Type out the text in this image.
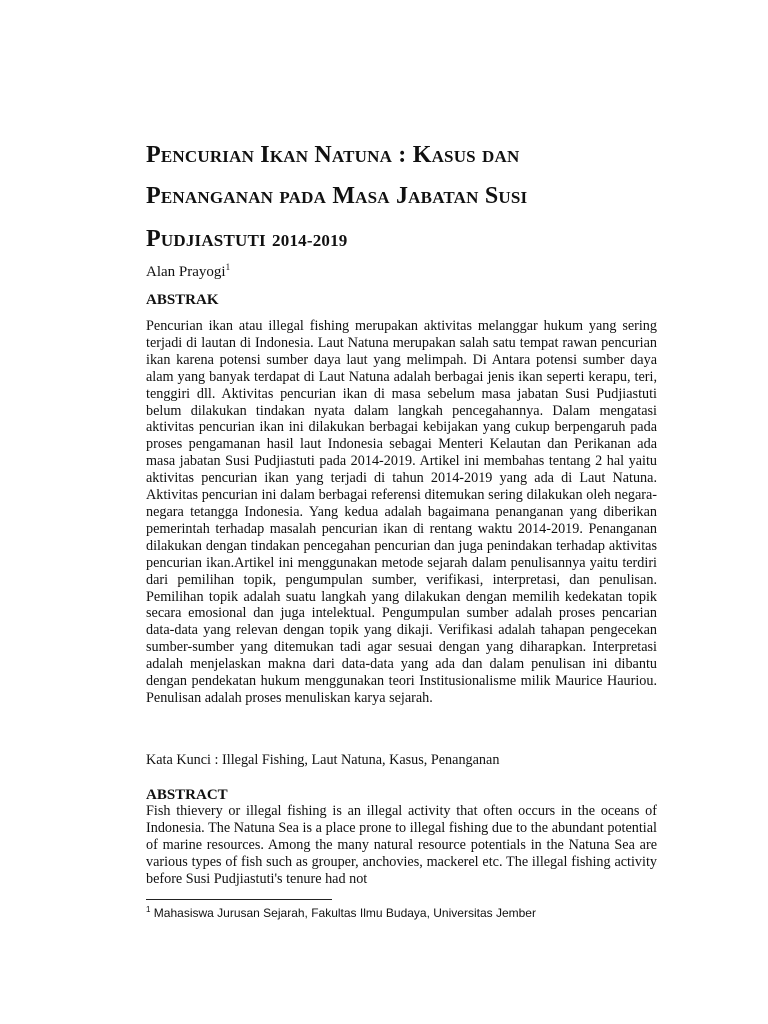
Pencurian Ikan Natuna : Kasus dan
Penanganan pada Masa Jabatan Susi
Pudjiastuti 2014-2019
Alan Prayogi$^1$
ABSTRAK

Pencurian ikan atau illegal fishing merupakan aktivitas melanggar hukum yang sering terjadi di lautan di Indonesia. Laut Natuna merupakan salah satu tempat rawan pencurian ikan karena potensi sumber daya laut yang melimpah. Di Antara potensi sumber daya alam yang banyak terdapat di Laut Natuna adalah berbagai jenis ikan seperti kerapu, teri, tenggiri dll. Aktivitas pencurian ikan di masa sebelum masa jabatan Susi Pudjiastuti belum dilakukan tindakan nyata dalam langkah pencegahannya. Dalam mengatasi aktivitas pencurian ikan ini dilakukan berbagai kebijakan yang cukup berpengaruh pada proses pengamanan hasil laut Indonesia sebagai Menteri Kelautan dan Perikanan ada masa jabatan Susi Pudjiastuti pada 2014-2019. Artikel ini membahas tentang 2 hal yaitu aktivitas pencurian ikan yang terjadi di tahun 2014-2019 yang ada di Laut Natuna. Aktivitas pencurian ini dalam berbagai referensi ditemukan sering dilakukan oleh negara-negara tetangga Indonesia. Yang kedua adalah bagaimana penanganan yang diberikan pemerintah terhadap masalah pencurian ikan di rentang waktu 2014-2019. Penanganan dilakukan dengan tindakan pencegahan pencurian dan juga penindakan terhadap aktivitas pencurian ikan.Artikel ini menggunakan metode sejarah dalam penulisannya yaitu terdiri dari pemilihan topik, pengumpulan sumber, verifikasi, interpretasi, dan penulisan. Pemilihan topik adalah suatu langkah yang dilakukan dengan memilih kedekatan topik secara emosional dan juga intelektual. Pengumpulan sumber adalah proses pencarian data-data yang relevan dengan topik yang dikaji. Verifikasi adalah tahapan pengecekan sumber-sumber yang ditemukan tadi agar sesuai dengan yang diharapkan. Interpretasi adalah menjelaskan makna dari data-data yang ada dan dalam penulisan ini dibantu dengan pendekatan hukum menggunakan teori Institusionalisme milik Maurice Hauriou. Penulisan adalah proses menuliskan karya sejarah.

Kata Kunci : Illegal Fishing, Laut Natuna, Kasus, Penanganan
ABSTRACT

Fish thievery or illegal fishing is an illegal activity that often occurs in the oceans of Indonesia. The Natuna Sea is a place prone to illegal fishing due to the abundant potential of marine resources. Among the many natural resource potentials in the Natuna Sea are various types of fish such as grouper, anchovies, mackerel etc. The illegal fishing activity before Susi Pudjiastuti's tenure had not

$^1$ Mahasiswa Jurusan Sejarah, Fakultas Ilmu Budaya, Universitas Jember
